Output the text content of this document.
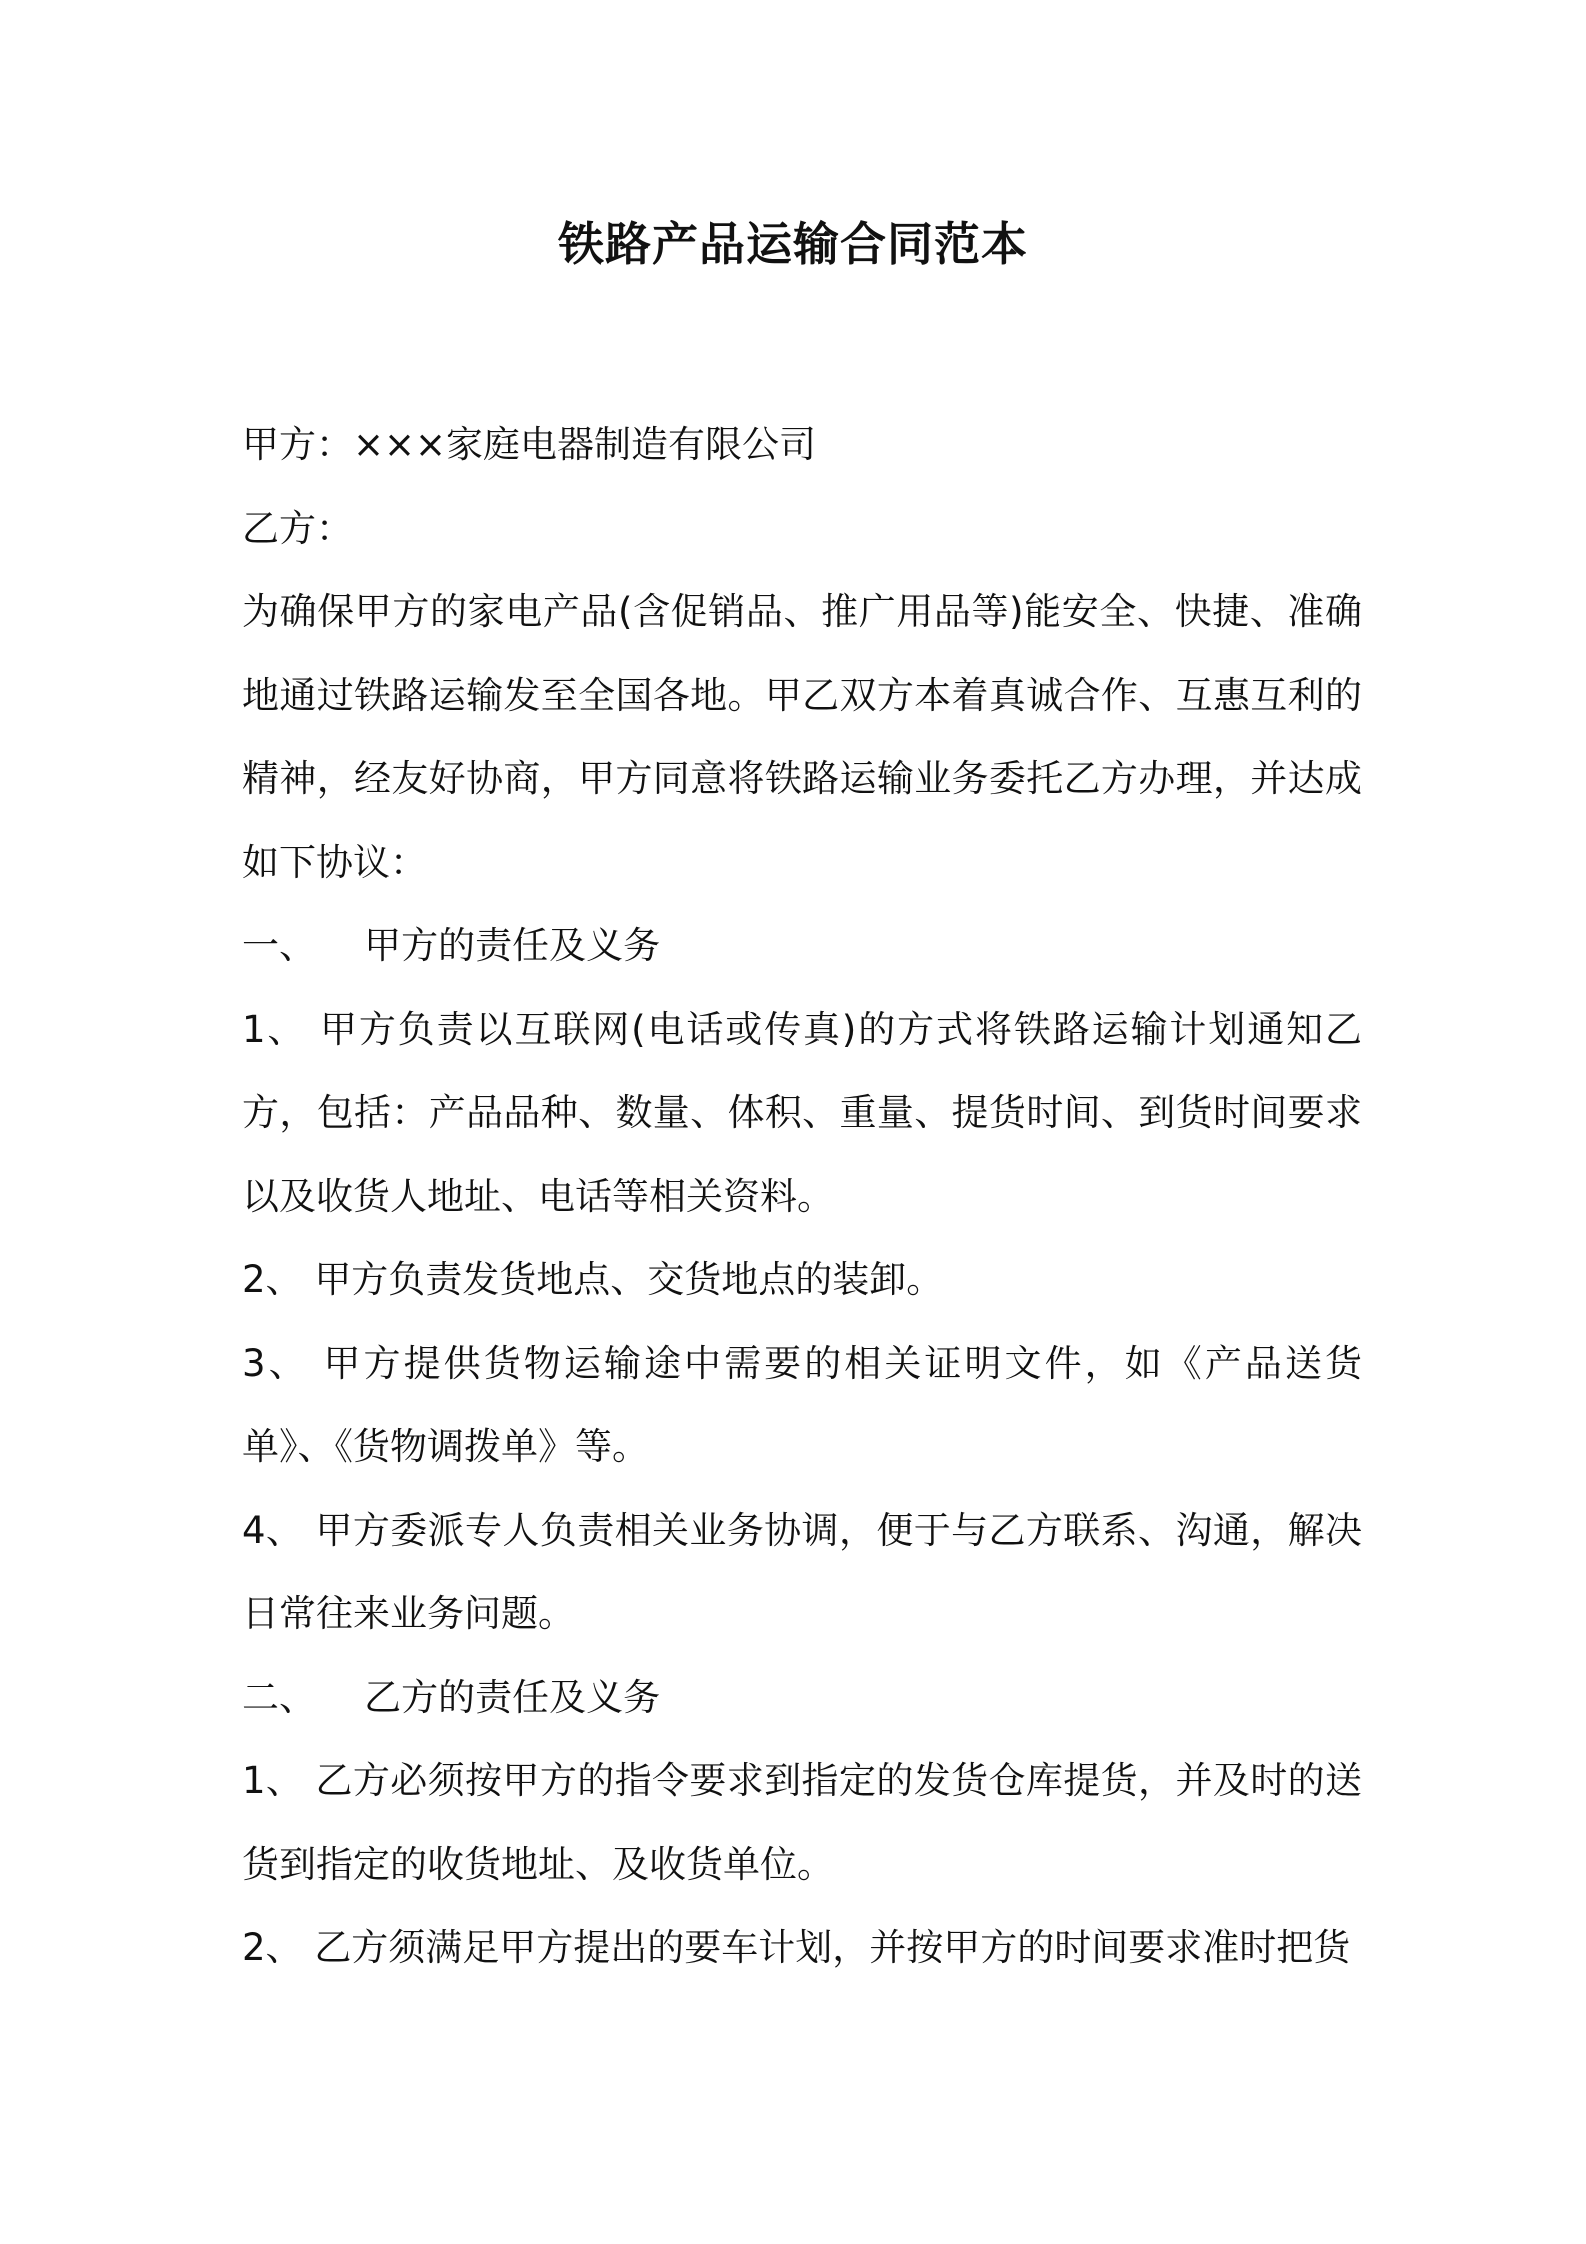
铁路产品运输合同范本

甲方：×××家庭电器制造有限公司

乙方：

为确保甲方的家电产品(含促销品、推广用品等)能安全、快捷、准确地通过铁路运输发至全国各地。甲乙双方本着真诚合作、互惠互利的精神，经友好协商，甲方同意将铁路运输业务委托乙方办理，并达成如下协议：

一、 甲方的责任及义务

1、 甲方负责以互联网(电话或传真)的方式将铁路运输计划通知乙方，包括：产品品种、数量、体积、重量、提货时间、到货时间要求以及收货人地址、电话等相关资料。

2、 甲方负责发货地点、交货地点的装卸。

3、 甲方提供货物运输途中需要的相关证明文件，如《产品送货单》、《货物调拨单》等。

4、 甲方委派专人负责相关业务协调，便于与乙方联系、沟通，解决日常往来业务问题。

二、 乙方的责任及义务

1、 乙方必须按甲方的指令要求到指定的发货仓库提货，并及时的送货到指定的收货地址、及收货单位。

2、 乙方须满足甲方提出的要车计划，并按甲方的时间要求准时把货
